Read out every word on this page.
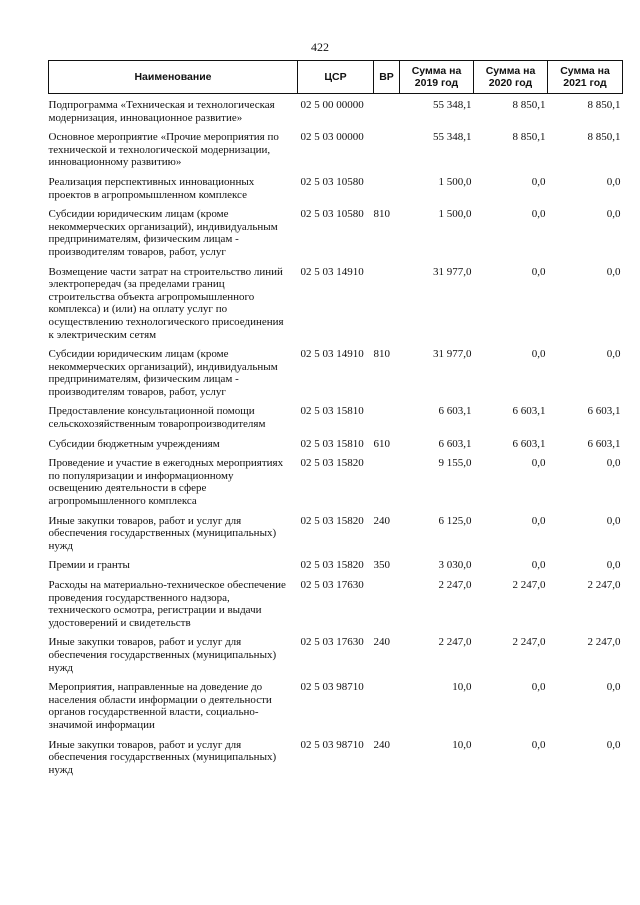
422
Наименование	ЦСР	ВР	Сумма на 2019 год	Сумма на 2020 год	Сумма на 2021 год
Подпрограмма «Техническая и технологическая модернизация, инновационное развитие»	02 5 00 00000		55 348,1	8 850,1	8 850,1
Основное мероприятие «Прочие мероприятия по технической и технологической модернизации, инновационному развитию»	02 5 03 00000		55 348,1	8 850,1	8 850,1
Реализация перспективных инновационных проектов в агропромышленном комплексе	02 5 03 10580		1 500,0	0,0	0,0
Субсидии юридическим лицам (кроме некоммерческих организаций), индивидуальным предпринимателям, физическим лицам - производителям товаров, работ, услуг	02 5 03 10580	810	1 500,0	0,0	0,0
Возмещение части затрат на строительство линий электропередач (за пределами границ строительства объекта агропромышленного комплекса) и (или) на оплату услуг по осуществлению технологического присоединения к электрическим сетям	02 5 03 14910		31 977,0	0,0	0,0
Субсидии юридическим лицам (кроме некоммерческих организаций), индивидуальным предпринимателям, физическим лицам - производителям товаров, работ, услуг	02 5 03 14910	810	31 977,0	0,0	0,0
Предоставление консультационной помощи сельскохозяйственным товаропроизводителям	02 5 03 15810		6 603,1	6 603,1	6 603,1
Субсидии бюджетным учреждениям	02 5 03 15810	610	6 603,1	6 603,1	6 603,1
Проведение и участие в ежегодных мероприятиях по популяризации и информационному освещению деятельности в сфере агропромышленного комплекса	02 5 03 15820		9 155,0	0,0	0,0
Иные закупки товаров, работ и услуг для обеспечения государственных (муниципальных) нужд	02 5 03 15820	240	6 125,0	0,0	0,0
Премии и гранты	02 5 03 15820	350	3 030,0	0,0	0,0
Расходы на материально-техническое обеспечение проведения государственного надзора, технического осмотра, регистрации и выдачи удостоверений и свидетельств	02 5 03 17630		2 247,0	2 247,0	2 247,0
Иные закупки товаров, работ и услуг для обеспечения государственных (муниципальных) нужд	02 5 03 17630	240	2 247,0	2 247,0	2 247,0
Мероприятия, направленные на доведение до населения области информации о деятельности органов государственной власти, социально-значимой информации	02 5 03 98710		10,0	0,0	0,0
Иные закупки товаров, работ и услуг для обеспечения государственных (муниципальных) нужд	02 5 03 98710	240	10,0	0,0	0,0
